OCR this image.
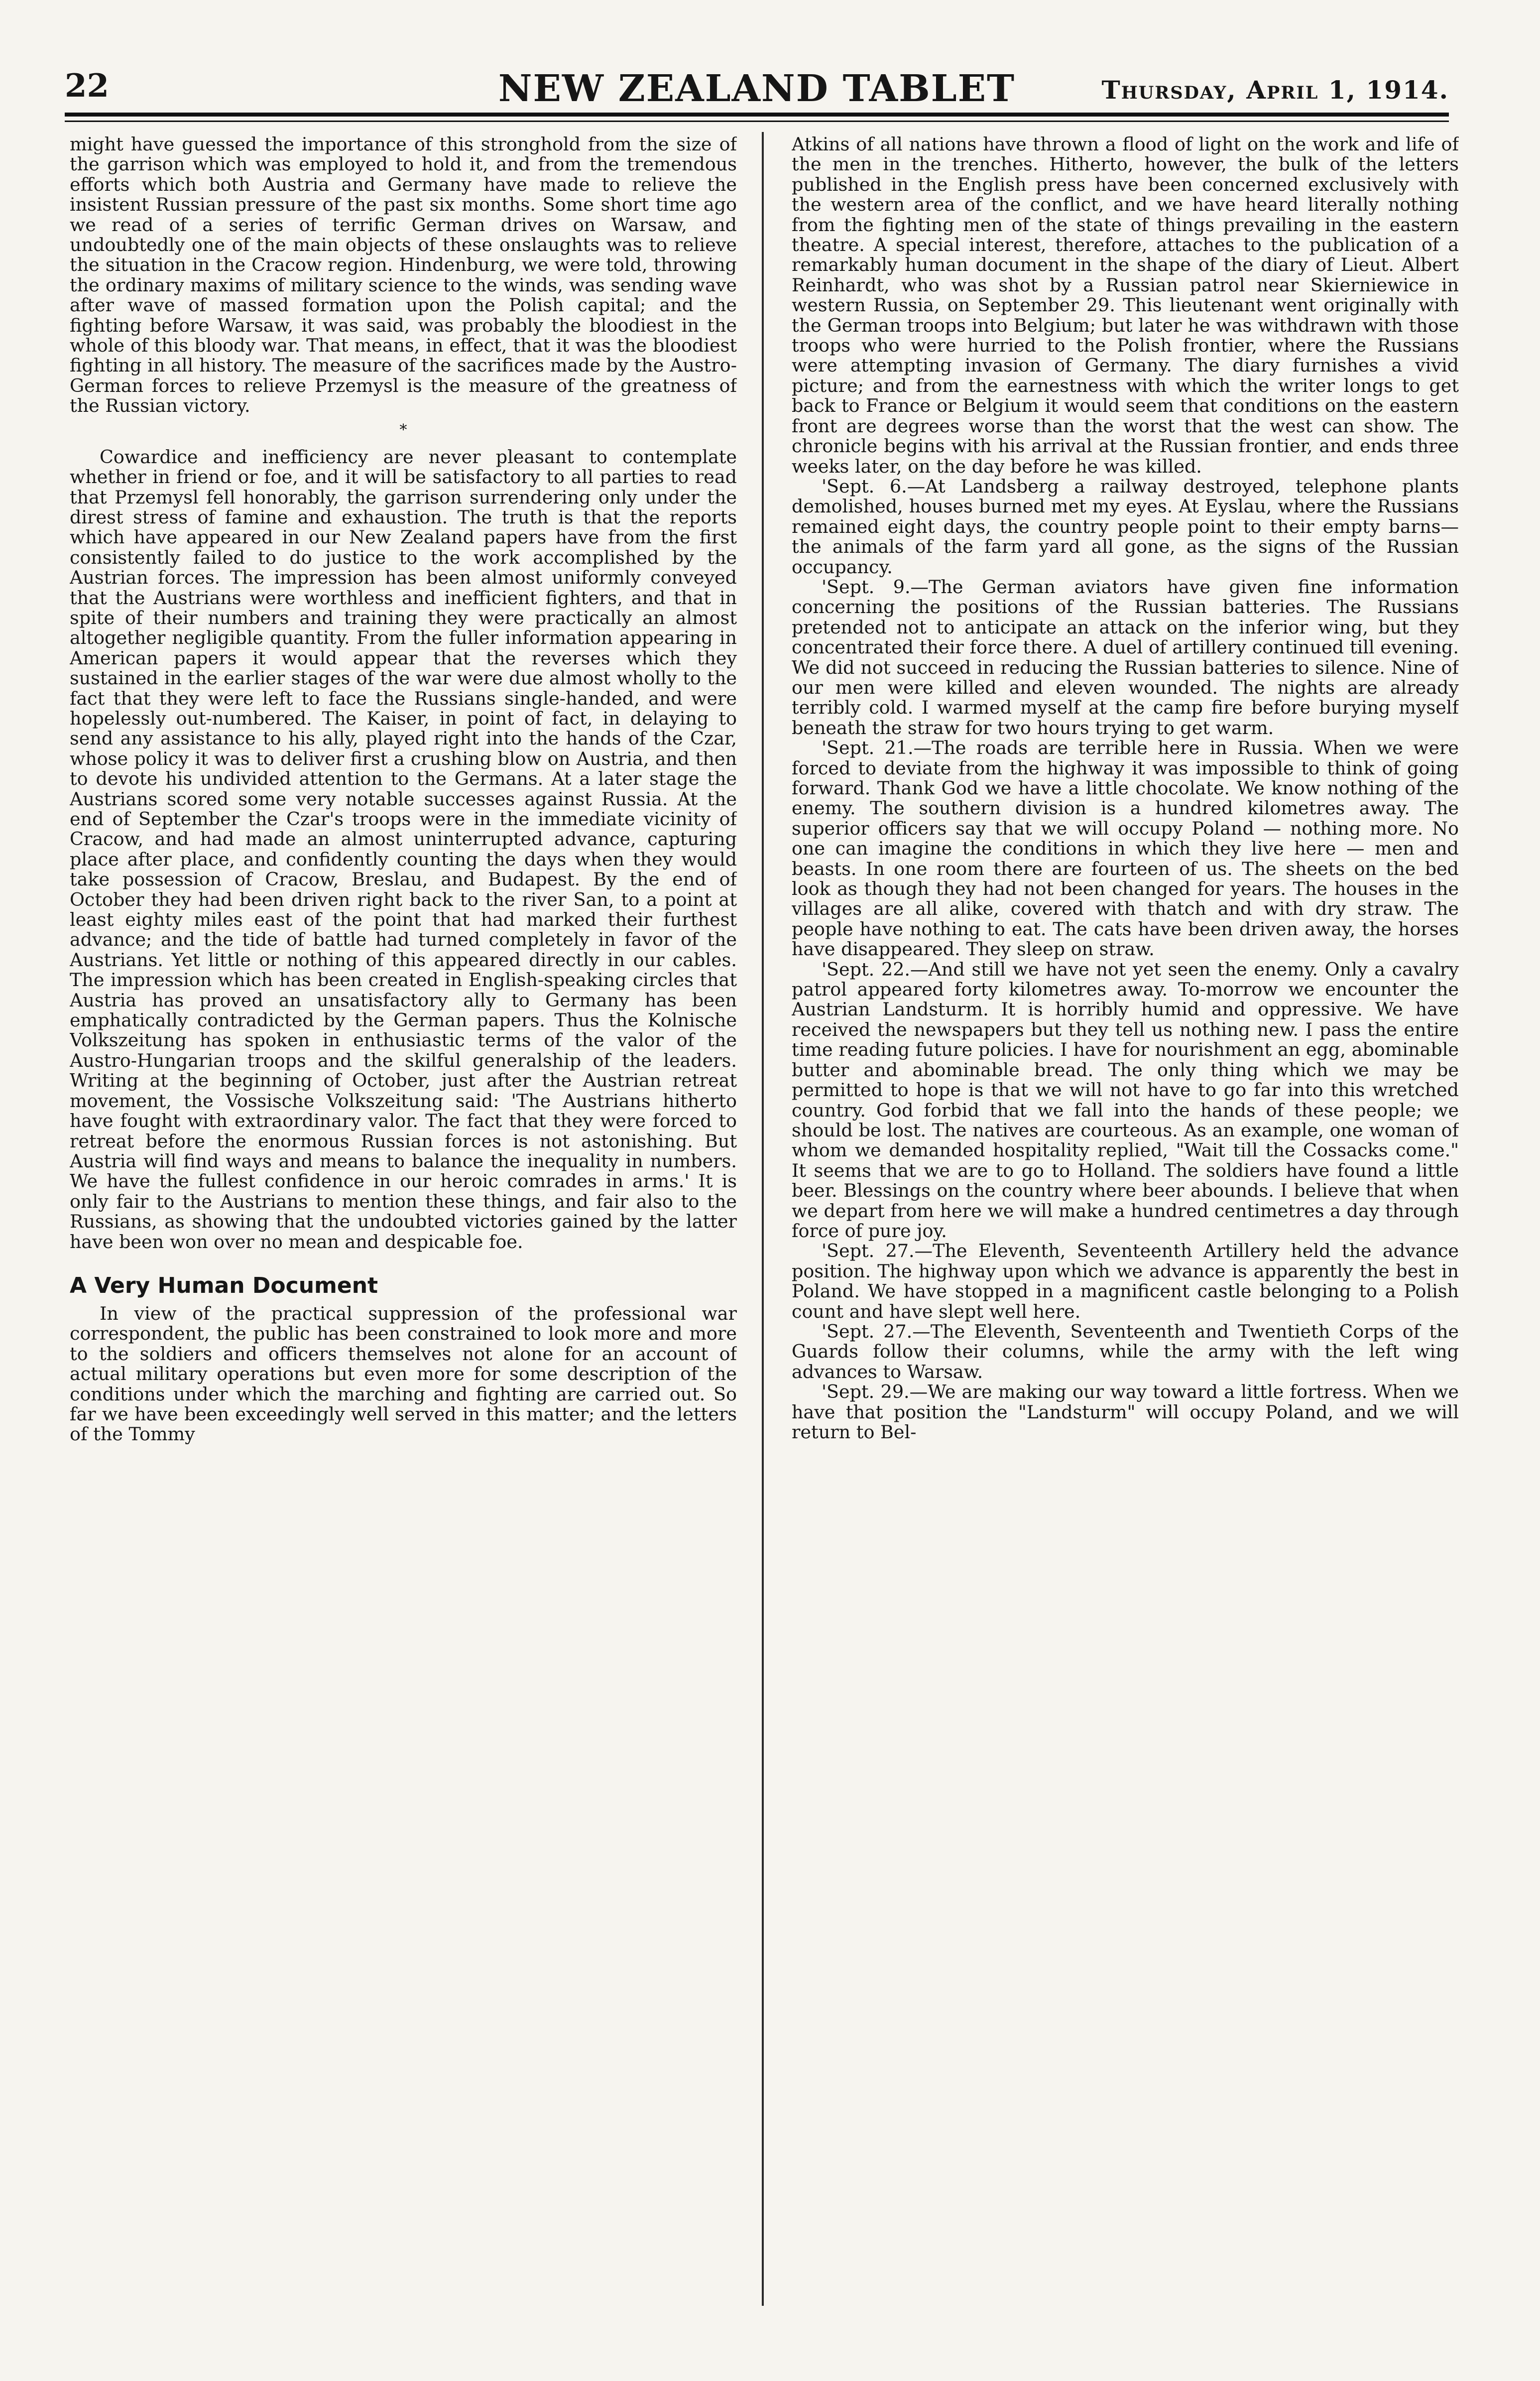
22	NEW ZEALAND TABLET	Thursday, April 1, 1914.

might have guessed the importance of this stronghold from the size of the garrison which was employed to hold it, and from the tremendous efforts which both Austria and Germany have made to relieve the insistent Russian pressure of the past six months. Some short time ago we read of a series of terrific German drives on Warsaw, and undoubtedly one of the main objects of these onslaughts was to relieve the situation in the Cracow region. Hindenburg, we were told, throwing the ordinary maxims of military science to the winds, was sending wave after wave of massed formation upon the Polish capital; and the fighting before Warsaw, it was said, was probably the bloodiest in the whole of this bloody war. That means, in effect, that it was the bloodiest fighting in all history. The measure of the sacrifices made by the Austro-German forces to relieve Przemysl is the measure of the greatness of the Russian victory.

*

Cowardice and inefficiency are never pleasant to contemplate whether in friend or foe, and it will be satisfactory to all parties to read that Przemysl fell honorably, the garrison surrendering only under the direst stress of famine and exhaustion. The truth is that the reports which have appeared in our New Zealand papers have from the first consistently failed to do justice to the work accomplished by the Austrian forces. The impression has been almost uniformly conveyed that the Austrians were worthless and inefficient fighters, and that in spite of their numbers and training they were practically an almost altogether negligible quantity. From the fuller information appearing in American papers it would appear that the reverses which they sustained in the earlier stages of the war were due almost wholly to the fact that they were left to face the Russians single-handed, and were hopelessly out-numbered. The Kaiser, in point of fact, in delaying to send any assistance to his ally, played right into the hands of the Czar, whose policy it was to deliver first a crushing blow on Austria, and then to devote his undivided attention to the Germans. At a later stage the Austrians scored some very notable successes against Russia. At the end of September the Czar's troops were in the immediate vicinity of Cracow, and had made an almost uninterrupted advance, capturing place after place, and confidently counting the days when they would take possession of Cracow, Breslau, and Budapest. By the end of October they had been driven right back to the river San, to a point at least eighty miles east of the point that had marked their furthest advance; and the tide of battle had turned completely in favor of the Austrians. Yet little or nothing of this appeared directly in our cables. The impression which has been created in English-speaking circles that Austria has proved an unsatisfactory ally to Germany has been emphatically contradicted by the German papers. Thus the Kolnische Volkszeitung has spoken in enthusiastic terms of the valor of the Austro-Hungarian troops and the skilful generalship of the leaders. Writing at the beginning of October, just after the Austrian retreat movement, the Vossische Volkszeitung said: 'The Austrians hitherto have fought with extraordinary valor. The fact that they were forced to retreat before the enormous Russian forces is not astonishing. But Austria will find ways and means to balance the inequality in numbers. We have the fullest confidence in our heroic comrades in arms.' It is only fair to the Austrians to mention these things, and fair also to the Russians, as showing that the undoubted victories gained by the latter have been won over no mean and despicable foe.

A Very Human Document

In view of the practical suppression of the professional war correspondent, the public has been constrained to look more and more to the soldiers and officers themselves not alone for an account of actual military operations but even more for some description of the conditions under which the marching and fighting are carried out. So far we have been exceedingly well served in this matter; and the letters of the Tommy

Atkins of all nations have thrown a flood of light on the work and life of the men in the trenches. Hitherto, however, the bulk of the letters published in the English press have been concerned exclusively with the western area of the conflict, and we have heard literally nothing from the fighting men of the state of things prevailing in the eastern theatre. A special interest, therefore, attaches to the publication of a remarkably human document in the shape of the diary of Lieut. Albert Reinhardt, who was shot by a Russian patrol near Skierniewice in western Russia, on September 29. This lieutenant went originally with the German troops into Belgium; but later he was withdrawn with those troops who were hurried to the Polish frontier, where the Russians were attempting invasion of Germany. The diary furnishes a vivid picture; and from the earnestness with which the writer longs to get back to France or Belgium it would seem that conditions on the eastern front are degrees worse than the worst that the west can show. The chronicle begins with his arrival at the Russian frontier, and ends three weeks later, on the day before he was killed.

'Sept. 6.—At Landsberg a railway destroyed, telephone plants demolished, houses burned met my eyes. At Eyslau, where the Russians remained eight days, the country people point to their empty barns—the animals of the farm yard all gone, as the signs of the Russian occupancy.

'Sept. 9.—The German aviators have given fine information concerning the positions of the Russian batteries. The Russians pretended not to anticipate an attack on the inferior wing, but they concentrated their force there. A duel of artillery continued till evening. We did not succeed in reducing the Russian batteries to silence. Nine of our men were killed and eleven wounded. The nights are already terribly cold. I warmed myself at the camp fire before burying myself beneath the straw for two hours trying to get warm.

'Sept. 21.—The roads are terrible here in Russia. When we were forced to deviate from the highway it was impossible to think of going forward. Thank God we have a little chocolate. We know nothing of the enemy. The southern division is a hundred kilometres away. The superior officers say that we will occupy Poland — nothing more. No one can imagine the conditions in which they live here — men and beasts. In one room there are fourteen of us. The sheets on the bed look as though they had not been changed for years. The houses in the villages are all alike, covered with thatch and with dry straw. The people have nothing to eat. The cats have been driven away, the horses have disappeared. They sleep on straw.

'Sept. 22.—And still we have not yet seen the enemy. Only a cavalry patrol appeared forty kilometres away. To-morrow we encounter the Austrian Landsturm. It is horribly humid and oppressive. We have received the newspapers but they tell us nothing new. I pass the entire time reading future policies. I have for nourishment an egg, abominable butter and abominable bread. The only thing which we may be permitted to hope is that we will not have to go far into this wretched country. God forbid that we fall into the hands of these people; we should be lost. The natives are courteous. As an example, one woman of whom we demanded hospitality replied, "Wait till the Cossacks come." It seems that we are to go to Holland. The soldiers have found a little beer. Blessings on the country where beer abounds. I believe that when we depart from here we will make a hundred centimetres a day through force of pure joy.

'Sept. 27.—The Eleventh, Seventeenth Artillery held the advance position. The highway upon which we advance is apparently the best in Poland. We have stopped in a magnificent castle belonging to a Polish count and have slept well here.

'Sept. 27.—The Eleventh, Seventeenth and Twentieth Corps of the Guards follow their columns, while the army with the left wing advances to Warsaw.

'Sept. 29.—We are making our way toward a little fortress. When we have that position the "Landsturm" will occupy Poland, and we will return to Bel-
